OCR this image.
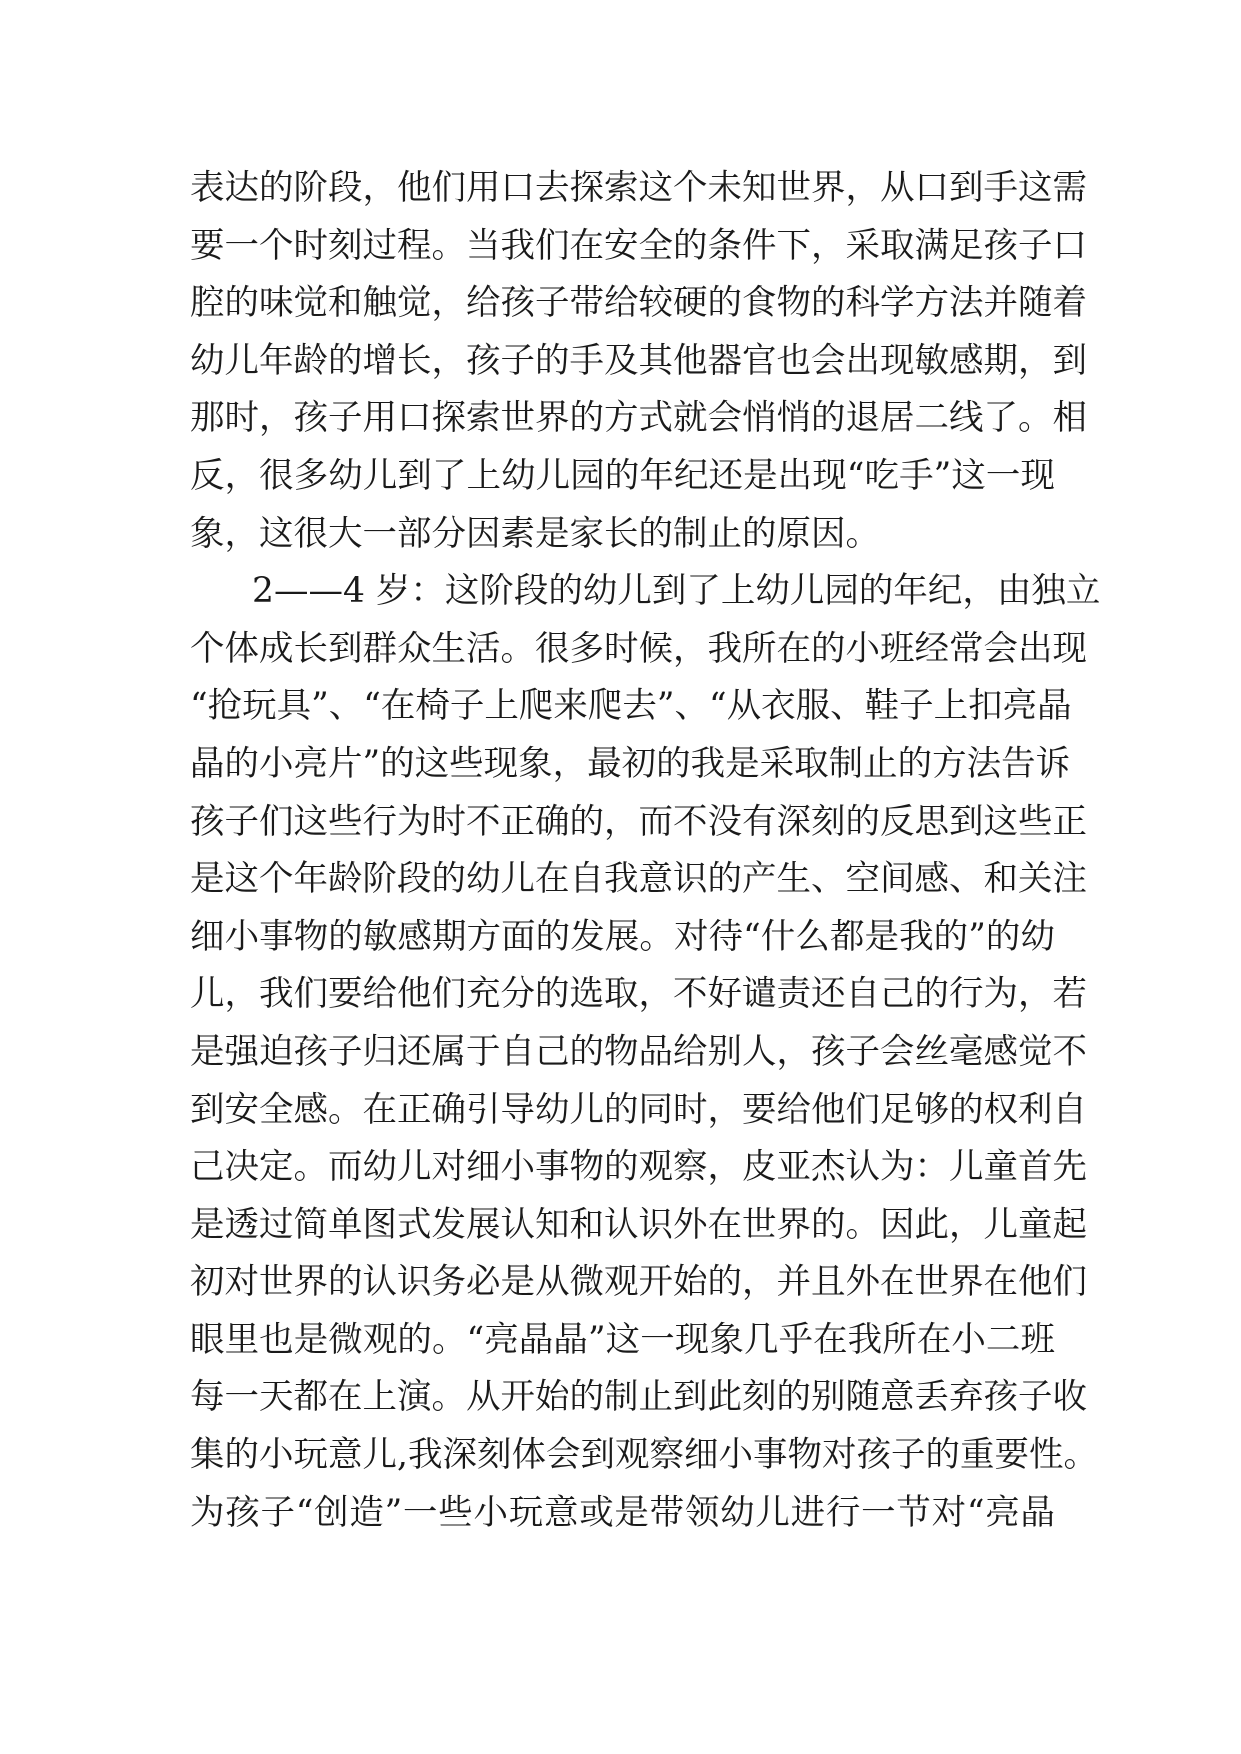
表达的阶段，他们用口去探索这个未知世界，从口到手这需
要一个时刻过程。当我们在安全的条件下，采取满足孩子口
腔的味觉和触觉，给孩子带给较硬的食物的科学方法并随着
幼儿年龄的增长，孩子的手及其他器官也会出现敏感期，到
那时，孩子用口探索世界的方式就会悄悄的退居二线了。相
反，很多幼儿到了上幼儿园的年纪还是出现“吃手”这一现
象，这很大一部分因素是家长的制止的原因。
2——4 岁：这阶段的幼儿到了上幼儿园的年纪，由独立
个体成长到群众生活。很多时候，我所在的小班经常会出现
“抢玩具”、“在椅子上爬来爬去”、“从衣服、鞋子上扣亮晶
晶的小亮片”的这些现象，最初的我是采取制止的方法告诉
孩子们这些行为时不正确的，而不没有深刻的反思到这些正
是这个年龄阶段的幼儿在自我意识的产生、空间感、和关注
细小事物的敏感期方面的发展。对待“什么都是我的”的幼
儿，我们要给他们充分的选取，不好谴责还自己的行为，若
是强迫孩子归还属于自己的物品给别人，孩子会丝毫感觉不
到安全感。在正确引导幼儿的同时，要给他们足够的权利自
己决定。而幼儿对细小事物的观察，皮亚杰认为：儿童首先
是透过简单图式发展认知和认识外在世界的。因此，儿童起
初对世界的认识务必是从微观开始的，并且外在世界在他们
眼里也是微观的。“亮晶晶”这一现象几乎在我所在小二班
每一天都在上演。从开始的制止到此刻的别随意丢弃孩子收
集的小玩意儿,我深刻体会到观察细小事物对孩子的重要性。
为孩子“创造”一些小玩意或是带领幼儿进行一节对“亮晶
